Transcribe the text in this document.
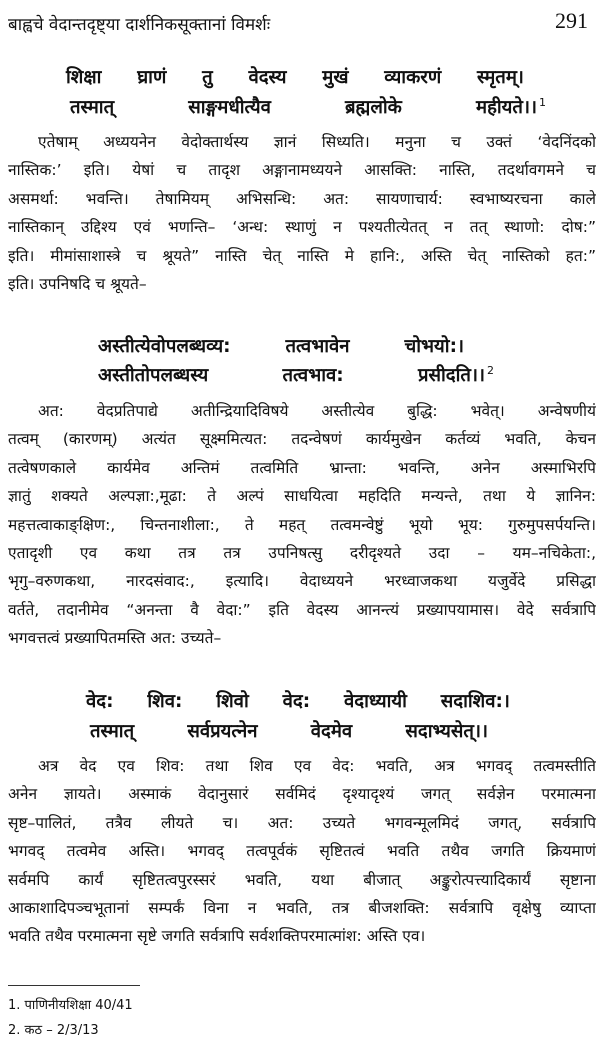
बाह्वचे वेदान्तदृष्ट्या दार्शनिकसूक्तानां विमर्शः	291
शिक्षा घ्राणं तु वेदस्य मुखं व्याकरणं स्मृतम्।
तस्मात्	साङ्गमधीत्यैव	ब्रह्मलोके	महीयते।। 1
एतेषाम् अध्ययनेन वेदोक्तार्थस्य ज्ञानं सिध्यति। मनुना च उक्तं ‘वेदनिंदको
नास्तिक:’ इति। येषां च तादृश अङ्गानामध्ययने आसक्ति: नास्ति, तदर्थावगमने च
असमर्था: भवन्ति। तेषामियम् अभिसन्धि: अत: सायणाचार्य: स्वभाष्यरचना काले
नास्तिकान् उद्दिश्य एवं भणन्ति– ‘अन्ध: स्थाणुं न पश्यतीत्येतत् न तत् स्थाणो: दोष:”
इति। मीमांसाशास्त्रे च श्रूयते” नास्ति चेत् नास्ति मे हानि:, अस्ति चेत् नास्तिको हत:”
इति। उपनिषदि च श्रूयते–
अस्तीत्येवोपलब्धव्य:	तत्वभावेन	चोभयो:।
अस्तीतोपलब्धस्य	तत्वभाव:	प्रसीदति।। 2
अत: वेदप्रतिपाद्ये अतीन्द्रियादिविषये अस्तीत्येव बुद्धि: भवेत्। अन्वेषणीयं
तत्वम् (कारणम्) अत्यंत सूक्ष्ममित्यत: तदन्वेषणं कार्यमुखेन कर्तव्यं भवति, केचन
तत्वेषणकाले कार्यमेव अन्तिमं तत्वमिति भ्रान्ता: भवन्ति, अनेन अस्माभिरपि
ज्ञातुं शक्यते अल्पज्ञा:,मूढा: ते अल्पं साधयित्वा महदिति मन्यन्ते, तथा ये ज्ञानिन:
महत्तत्वाकाङ्क्षिण:, चिन्तनाशीला:, ते महत् तत्वमन्वेष्टुं भूयो भूय: गुरुमुपसर्पयन्ति।
एतादृशी एव कथा तत्र तत्र उपनिषत्सु दरीदृश्यते उदा – यम–नचिकेता:,
भृगु–वरुणकथा, नारदसंवाद:, इत्यादि। वेदाध्ययने भरध्वाजकथा यजुर्वेदे प्रसिद्धा
वर्तते, तदानीमेव “अनन्ता वै वेदा:” इति वेदस्य आनन्त्यं प्रख्यापयामास। वेदे सर्वत्रापि
भगवत्तत्वं प्रख्यापितमस्ति अत: उच्यते–
वेद: शिव: शिवो वेद: वेदाध्यायी सदाशिव:।
तस्मात्	सर्वप्रयत्नेन	वेदमेव	सदाभ्यसेत्।।
अत्र वेद एव शिव: तथा शिव एव वेद: भवति, अत्र भगवद् तत्वमस्तीति
अनेन ज्ञायते। अस्माकं वेदानुसारं सर्वमिदं दृश्यादृश्यं जगत् सर्वज्ञेन परमात्मना
सृष्ट–पालितं, तत्रैव लीयते च। अत: उच्यते भगवन्मूलमिदं जगत्, सर्वत्रापि
भगवद् तत्वमेव अस्ति। भगवद् तत्वपूर्वकं सृष्टितत्वं भवति तथैव जगति क्रियमाणं
सर्वमपि कार्यं सृष्टितत्वपुरस्सरं भवति, यथा बीजात् अङ्कुरोत्पत्त्यादिकार्यं सृष्टाना
आकाशादिपञ्चभूतानां सम्पर्कं विना न भवति, तत्र बीजशक्ति: सर्वत्रापि वृक्षेषु व्याप्ता
भवति तथैव परमात्मना सृष्टे जगति सर्वत्रापि सर्वशक्तिपरमात्मांश: अस्ति एव।
1. पाणिनीयशिक्षा 40/41
2. कठ – 2/3/13
